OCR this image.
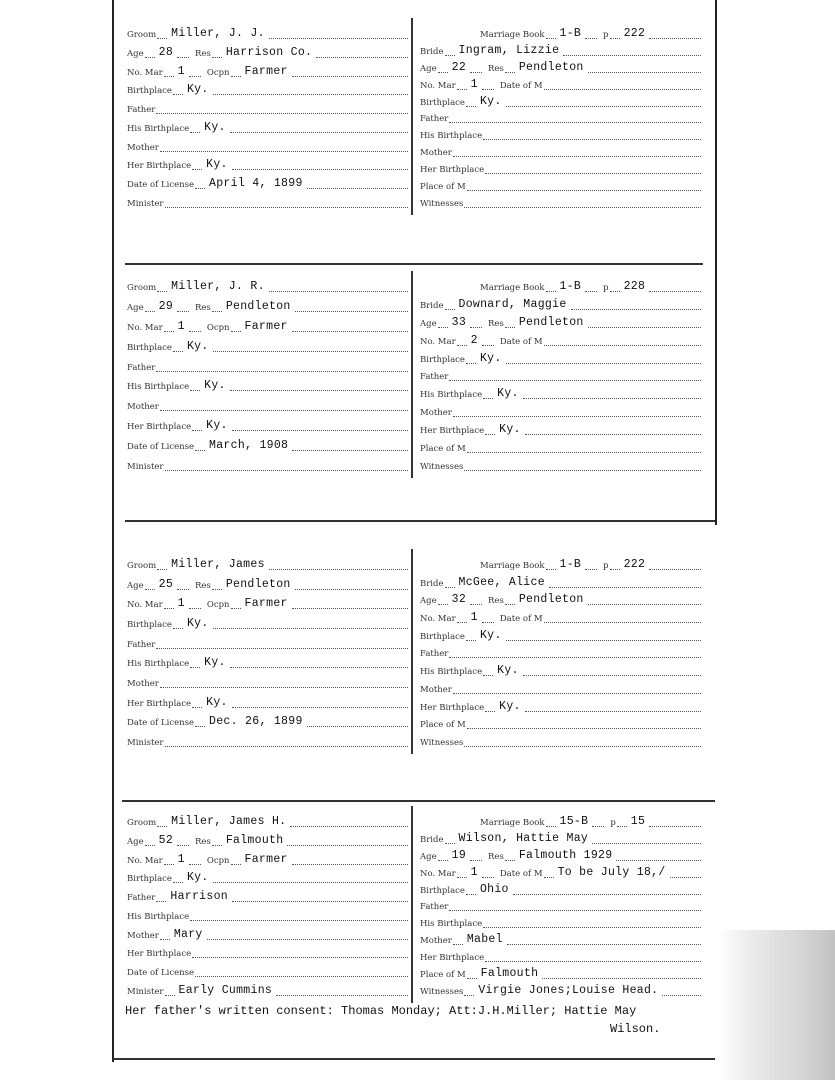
Groom	Miller, J. J.
Age	28	Res	Harrison Co.
No. Mar	1	Ocpn	Farmer
Birthplace	Ky.
Father
His Birthplace	Ky.
Mother
Her Birthplace	Ky.
Date of License	April 4, 1899
Minister
Marriage Book	1-B	p	222
Bride	Ingram, Lizzie
Age	22	Res	Pendleton
No. Mar	1	Date of M
Birthplace	Ky.
Father
His Birthplace
Mother
Her Birthplace
Place of M
Witnesses
Groom	Miller, J. R.
Age	29	Res	Pendleton
No. Mar	1	Ocpn	Farmer
Birthplace	Ky.
Father
His Birthplace	Ky.
Mother
Her Birthplace	Ky.
Date of License	March, 1908
Minister
Marriage Book	1-B	p	228
Bride	Downard, Maggie
Age	33	Res	Pendleton
No. Mar	2	Date of M
Birthplace	Ky.
Father
His Birthplace	Ky.
Mother
Her Birthplace	Ky.
Place of M
Witnesses
Groom	Miller, James
Age	25	Res	Pendleton
No. Mar	1	Ocpn	Farmer
Birthplace	Ky.
Father
His Birthplace	Ky.
Mother
Her Birthplace	Ky.
Date of License	Dec. 26, 1899
Minister
Marriage Book	1-B	p	222
Bride	McGee, Alice
Age	32	Res	Pendleton
No. Mar	1	Date of M
Birthplace	Ky.
Father
His Birthplace	Ky.
Mother
Her Birthplace	Ky.
Place of M
Witnesses
Groom	Miller, James H.
Age	52	Res	Falmouth
No. Mar	1	Ocpn	Farmer
Birthplace	Ky.
Father	Harrison
His Birthplace
Mother	Mary
Her Birthplace
Date of License
Minister	Early Cummins
Marriage Book	15-B	p	15
Bride	Wilson, Hattie May
Age	19	Res	Falmouth 1929
No. Mar	1	Date of M	To be July 18,/
Birthplace	Ohio
Father
His Birthplace
Mother	Mabel
Her Birthplace
Place of M	Falmouth
Witnesses	Virgie Jones;Louise Head.
Her father's written consent: Thomas Monday; Att:J.H.Miller; Hattie May
Wilson.
